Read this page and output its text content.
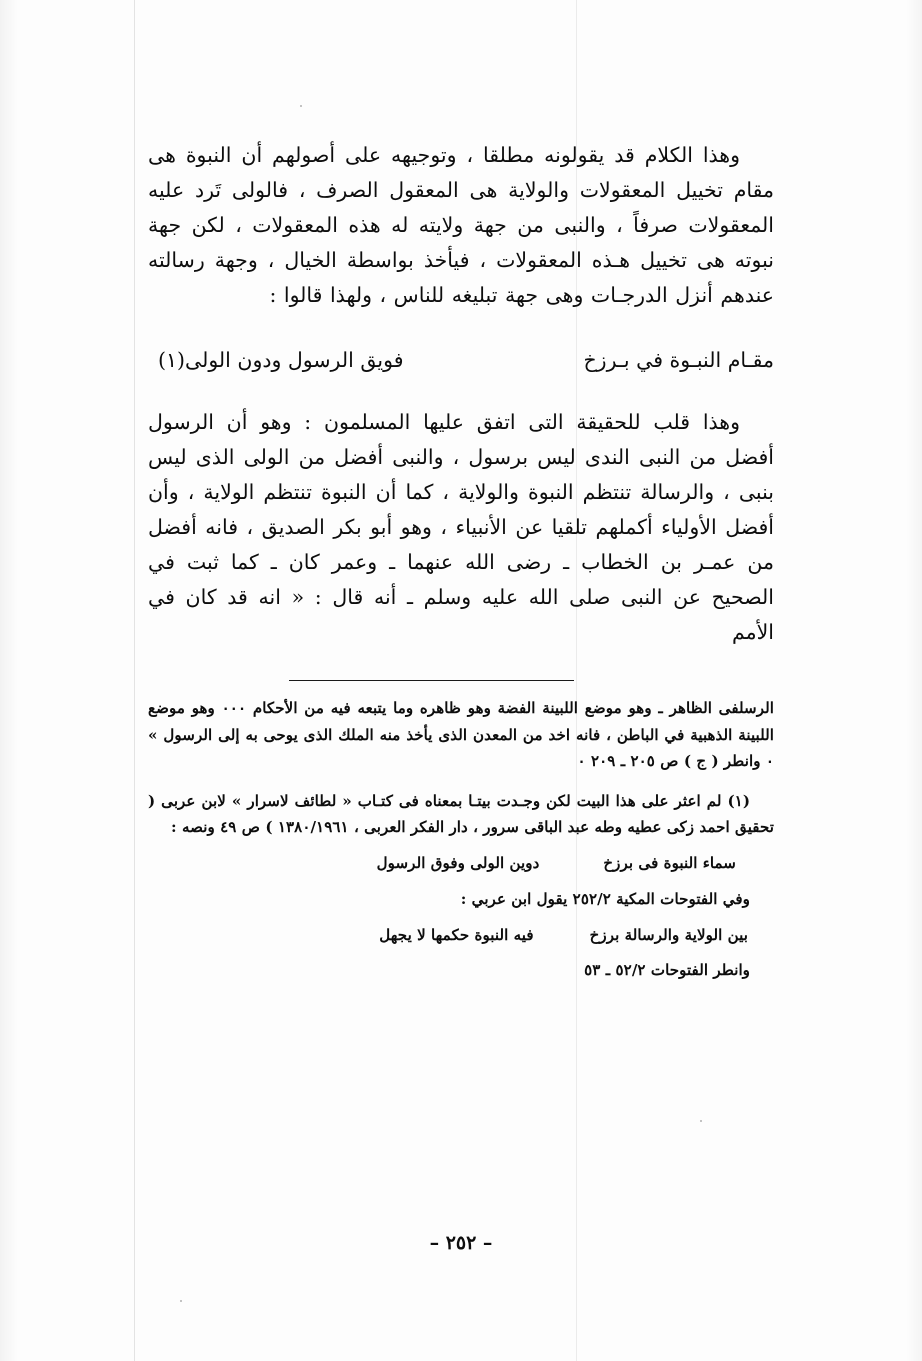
وهذا الكلام قد يقولونه مطلقا ، وتوجيهه على أصولهم أن النبوة هى مقام تخييل المعقولات والولاية هى المعقول الصرف ، فالولى تَرد عليه المعقولات صرفاً ، والنبى من جهة ولايته له هذه المعقولات ، لكن جهة نبوته هى تخييل هـذه المعقولات ، فيأخذ بواسطة الخيال ، وجهة رسالته عندهم أنزل الدرجـات وهى جهة تبليغه للناس ، ولهذا قالوا :

مقـام النبـوة في بـرزخ
فويق الرسول ودون الولى(١)

وهذا قلب للحقيقة التى اتفق عليها المسلمون : وهو أن الرسول أفضل من النبى الندى ليس برسول ، والنبى أفضل من الولى الذى ليس بنبى ، والرسالة تنتظم النبوة والولاية ، كما أن النبوة تنتظم الولاية ، وأن أفضل الأولياء أكملهم تلقيا عن الأنبياء ، وهو أبو بكر الصديق ، فانه أفضل من عمـر بن الخطاب ـ رضى الله عنهما ـ وعمر كان ـ كما ثبت في الصحيح عن النبى صلى الله عليه وسلم ـ أنه قال : « انه قد كان في الأمم

الرسلفى الظاهر ـ وهو موضع اللبينة الفضة وهو ظاهره وما يتبعه فيه من الأحكام ٠٠٠ وهو موضع اللبينة الذهبية في الباطن ، فانه اخد من المعدن الذى يأخذ منه الملك الذى يوحى به إلى الرسول » ٠ وانطر ( ج ) ص ٢٠٥ ـ ٢٠٩ ٠

(١) لم اعثر على هذا البيت لكن وجـدت بيتـا بمعناه فى كتـاب « لطائف لاسرار » لابن عربى ( تحقيق احمد زكى عطيه وطه عبد الباقى سرور ، دار الفكر العربى ، ١٣٨٠/١٩٦١ ) ص ٤٩ ونصه :

سماء النبوة فى برزخ
دوين الولى وفوق الرسول

وفي الفتوحات المكية ٢٥٢/٢ يقول ابن عربي :

بين الولاية والرسالة برزخ
فيه النبوة حكمها لا يجهل

وانطر الفتوحات ٥٢/٢ ـ ٥٣

– ٢٥٢ –
